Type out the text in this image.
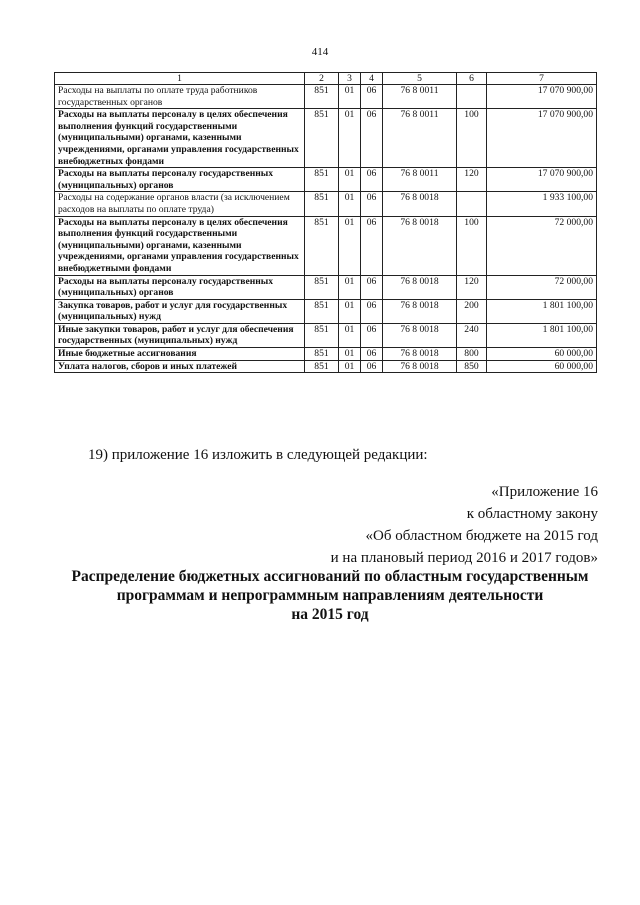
414
1	2	3	4	5	6	7
Расходы на выплаты по оплате труда работников государственных органов	851	01	06	76 8 0011		17 070 900,00
Расходы на выплаты персоналу в целях обеспечения выполнения функций государственными (муниципальными) органами, казенными учреждениями, органами управления государственных внебюджетных фондами	851	01	06	76 8 0011	100	17 070 900,00
Расходы на выплаты персоналу государственных (муниципальных) органов	851	01	06	76 8 0011	120	17 070 900,00
Расходы на содержание органов власти (за исключением расходов на выплаты по оплате труда)	851	01	06	76 8 0018		1 933 100,00
Расходы на выплаты персоналу в целях обеспечения выполнения функций государственными (муниципальными) органами, казенными учреждениями, органами управления государственных внебюджетными фондами	851	01	06	76 8 0018	100	72 000,00
Расходы на выплаты персоналу государственных (муниципальных) органов	851	01	06	76 8 0018	120	72 000,00
Закупка товаров, работ и услуг для государственных (муниципальных) нужд	851	01	06	76 8 0018	200	1 801 100,00
Иные закупки товаров, работ и услуг для обеспечения государственных (муниципальных) нужд	851	01	06	76 8 0018	240	1 801 100,00
Иные бюджетные ассигнования	851	01	06	76 8 0018	800	60 000,00
Уплата налогов, сборов и иных платежей	851	01	06	76 8 0018	850	60 000,00
19) приложение 16 изложить в следующей редакции:
«Приложение 16
к областному закону
«Об областном бюджете на 2015 год
и на плановый период 2016 и 2017 годов»
Распределение бюджетных ассигнований по областным государственным
программам и непрограммным направлениям деятельности
на 2015 год
